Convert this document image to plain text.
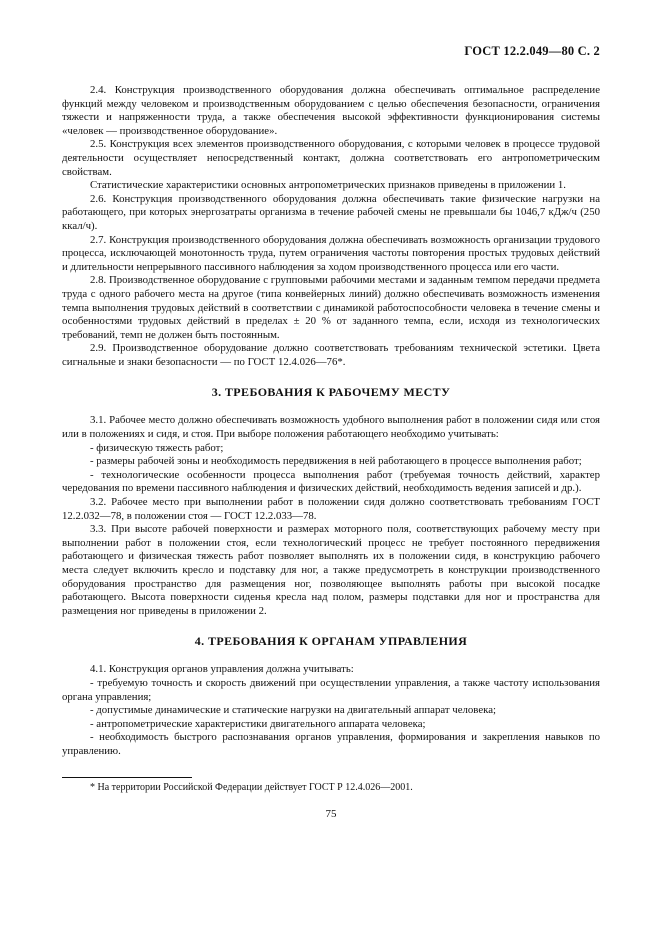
ГОСТ 12.2.049—80 С. 2

2.4. Конструкция производственного оборудования должна обеспечивать оптимальное распределение функций между человеком и производственным оборудованием с целью обеспечения безопасности, ограничения тяжести и напряженности труда, а также обеспечения высокой эффективности функционирования системы «человек — производственное оборудование».

2.5. Конструкция всех элементов производственного оборудования, с которыми человек в процессе трудовой деятельности осуществляет непосредственный контакт, должна соответствовать его антропометрическим свойствам.

Статистические характеристики основных антропометрических признаков приведены в приложении 1.

2.6. Конструкция производственного оборудования должна обеспечивать такие физические нагрузки на работающего, при которых энергозатраты организма в течение рабочей смены не превышали бы 1046,7 кДж/ч (250 ккал/ч).

2.7. Конструкция производственного оборудования должна обеспечивать возможность организации трудового процесса, исключающей монотонность труда, путем ограничения частоты повторения простых трудовых действий и длительности непрерывного пассивного наблюдения за ходом производственного процесса или его части.

2.8. Производственное оборудование с групповыми рабочими местами и заданным темпом передачи предмета труда с одного рабочего места на другое (типа конвейерных линий) должно обеспечивать возможность изменения темпа выполнения трудовых действий в соответствии с динамикой работоспособности человека в течение смены и особенностями трудовых действий в пределах ± 20 % от заданного темпа, если, исходя из технологических требований, темп не должен быть постоянным.

2.9. Производственное оборудование должно соответствовать требованиям технической эстетики. Цвета сигнальные и знаки безопасности — по ГОСТ 12.4.026—76*.

3. ТРЕБОВАНИЯ К РАБОЧЕМУ МЕСТУ

3.1. Рабочее место должно обеспечивать возможность удобного выполнения работ в положении сидя или стоя или в положениях и сидя, и стоя. При выборе положения работающего необходимо учитывать:

- физическую тяжесть работ;

- размеры рабочей зоны и необходимость передвижения в ней работающего в процессе выполнения работ;

- технологические особенности процесса выполнения работ (требуемая точность действий, характер чередования по времени пассивного наблюдения и физических действий, необходимость ведения записей и др.).

3.2. Рабочее место при выполнении работ в положении сидя должно соответствовать требованиям ГОСТ 12.2.032—78, в положении стоя — ГОСТ 12.2.033—78.

3.3. При высоте рабочей поверхности и размерах моторного поля, соответствующих рабочему месту при выполнении работ в положении стоя, если технологический процесс не требует постоянного передвижения работающего и физическая тяжесть работ позволяет выполнять их в положении сидя, в конструкцию рабочего места следует включить кресло и подставку для ног, а также предусмотреть в конструкции производственного оборудования пространство для размещения ног, позволяющее выполнять работы при высокой посадке работающего. Высота поверхности сиденья кресла над полом, размеры подставки для ног и пространства для размещения ног приведены в приложении 2.

4. ТРЕБОВАНИЯ К ОРГАНАМ УПРАВЛЕНИЯ

4.1. Конструкция органов управления должна учитывать:

- требуемую точность и скорость движений при осуществлении управления, а также частоту использования органа управления;

- допустимые динамические и статические нагрузки на двигательный аппарат человека;

- антропометрические характеристики двигательного аппарата человека;

- необходимость быстрого распознавания органов управления, формирования и закрепления навыков по управлению.

* На территории Российской Федерации действует ГОСТ Р 12.4.026—2001.

75
